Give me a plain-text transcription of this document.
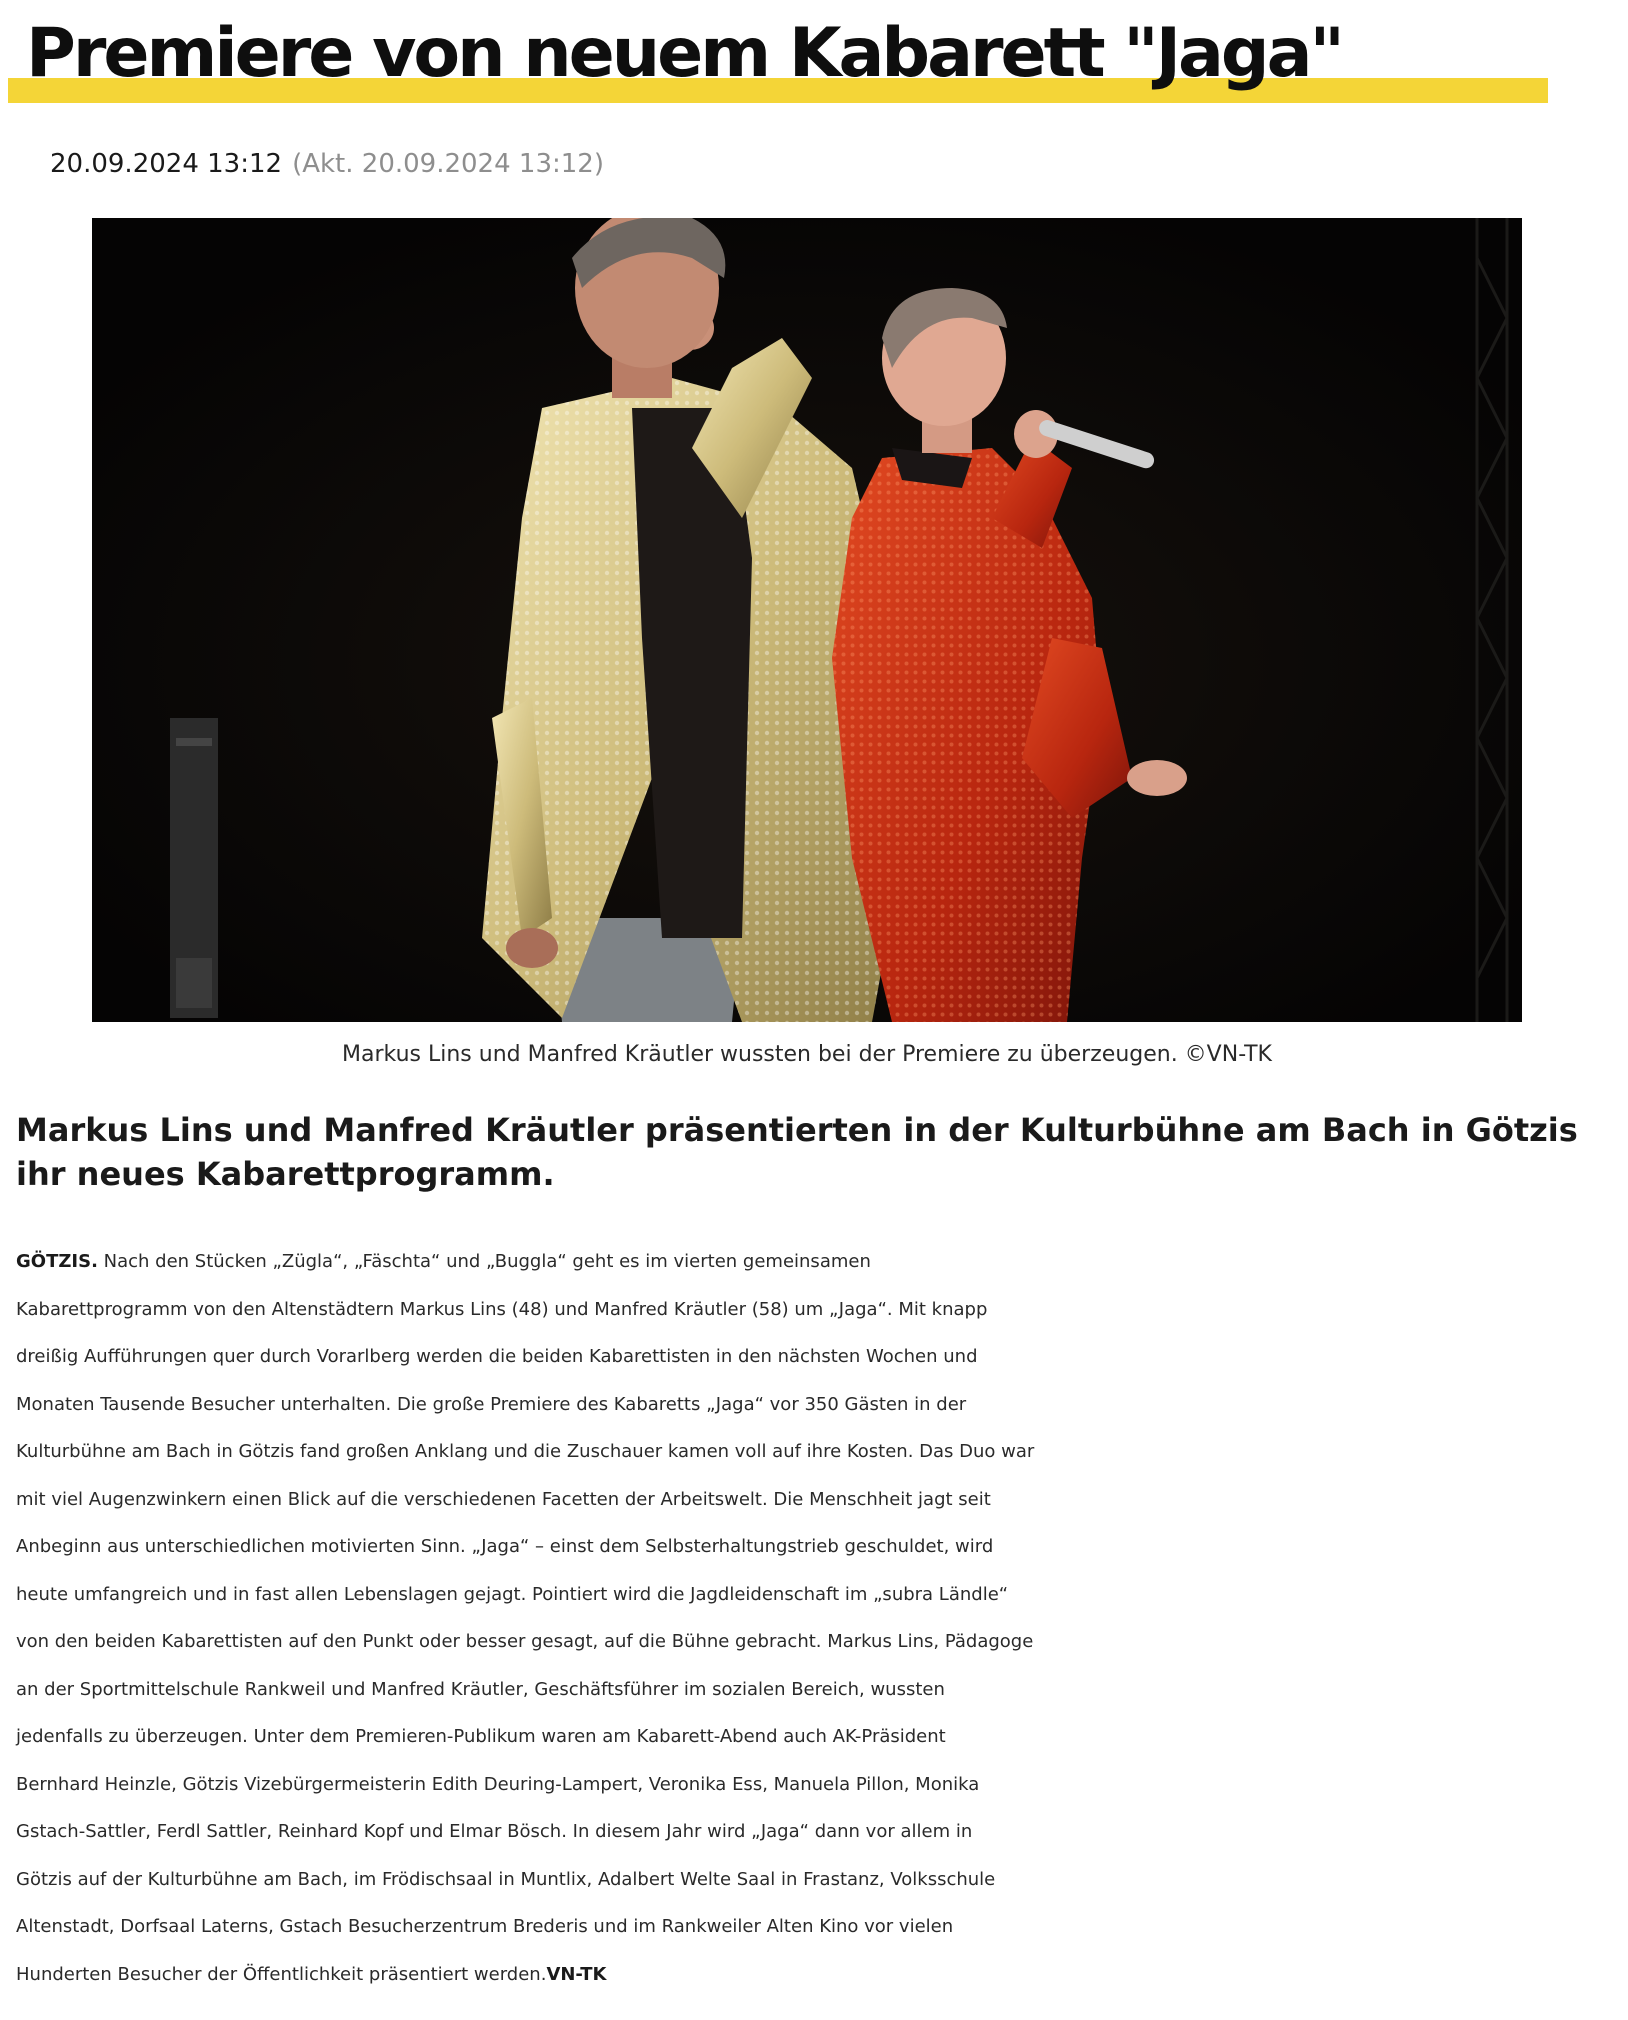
Premiere von neuem Kabarett "Jaga"
20.09.2024 13:12 (Akt. 20.09.2024 13:12)
Markus Lins und Manfred Kräutler wussten bei der Premiere zu überzeugen. ©VN-TK
Markus Lins und Manfred Kräutler präsentierten in der Kulturbühne am Bach in Götzis ihr neues Kabarettprogramm.
GÖTZIS. Nach den Stücken „Zügla“, „Fäschta“ und „Buggla“ geht es im vierten gemeinsamen
Kabarettprogramm von den Altenstädtern Markus Lins (48) und Manfred Kräutler (58) um „Jaga“. Mit knapp
dreißig Aufführungen quer durch Vorarlberg werden die beiden Kabarettisten in den nächsten Wochen und
Monaten Tausende Besucher unterhalten. Die große Premiere des Kabaretts „Jaga“ vor 350 Gästen in der
Kulturbühne am Bach in Götzis fand großen Anklang und die Zuschauer kamen voll auf ihre Kosten. Das Duo war
mit viel Augenzwinkern einen Blick auf die verschiedenen Facetten der Arbeitswelt. Die Menschheit jagt seit
Anbeginn aus unterschiedlichen motivierten Sinn. „Jaga“ – einst dem Selbsterhaltungstrieb geschuldet, wird
heute umfangreich und in fast allen Lebenslagen gejagt. Pointiert wird die Jagdleidenschaft im „subra Ländle“
von den beiden Kabarettisten auf den Punkt oder besser gesagt, auf die Bühne gebracht. Markus Lins, Pädagoge
an der Sportmittelschule Rankweil und Manfred Kräutler, Geschäftsführer im sozialen Bereich, wussten
jedenfalls zu überzeugen. Unter dem Premieren-Publikum waren am Kabarett-Abend auch AK-Präsident
Bernhard Heinzle, Götzis Vizebürgermeisterin Edith Deuring-Lampert, Veronika Ess, Manuela Pillon, Monika
Gstach-Sattler, Ferdl Sattler, Reinhard Kopf und Elmar Bösch. In diesem Jahr wird „Jaga“ dann vor allem in
Götzis auf der Kulturbühne am Bach, im Frödischsaal in Muntlix, Adalbert Welte Saal in Frastanz, Volksschule
Altenstadt, Dorfsaal Laterns, Gstach Besucherzentrum Brederis und im Rankweiler Alten Kino vor vielen
Hunderten Besucher der Öffentlichkeit präsentiert werden.VN-TK
